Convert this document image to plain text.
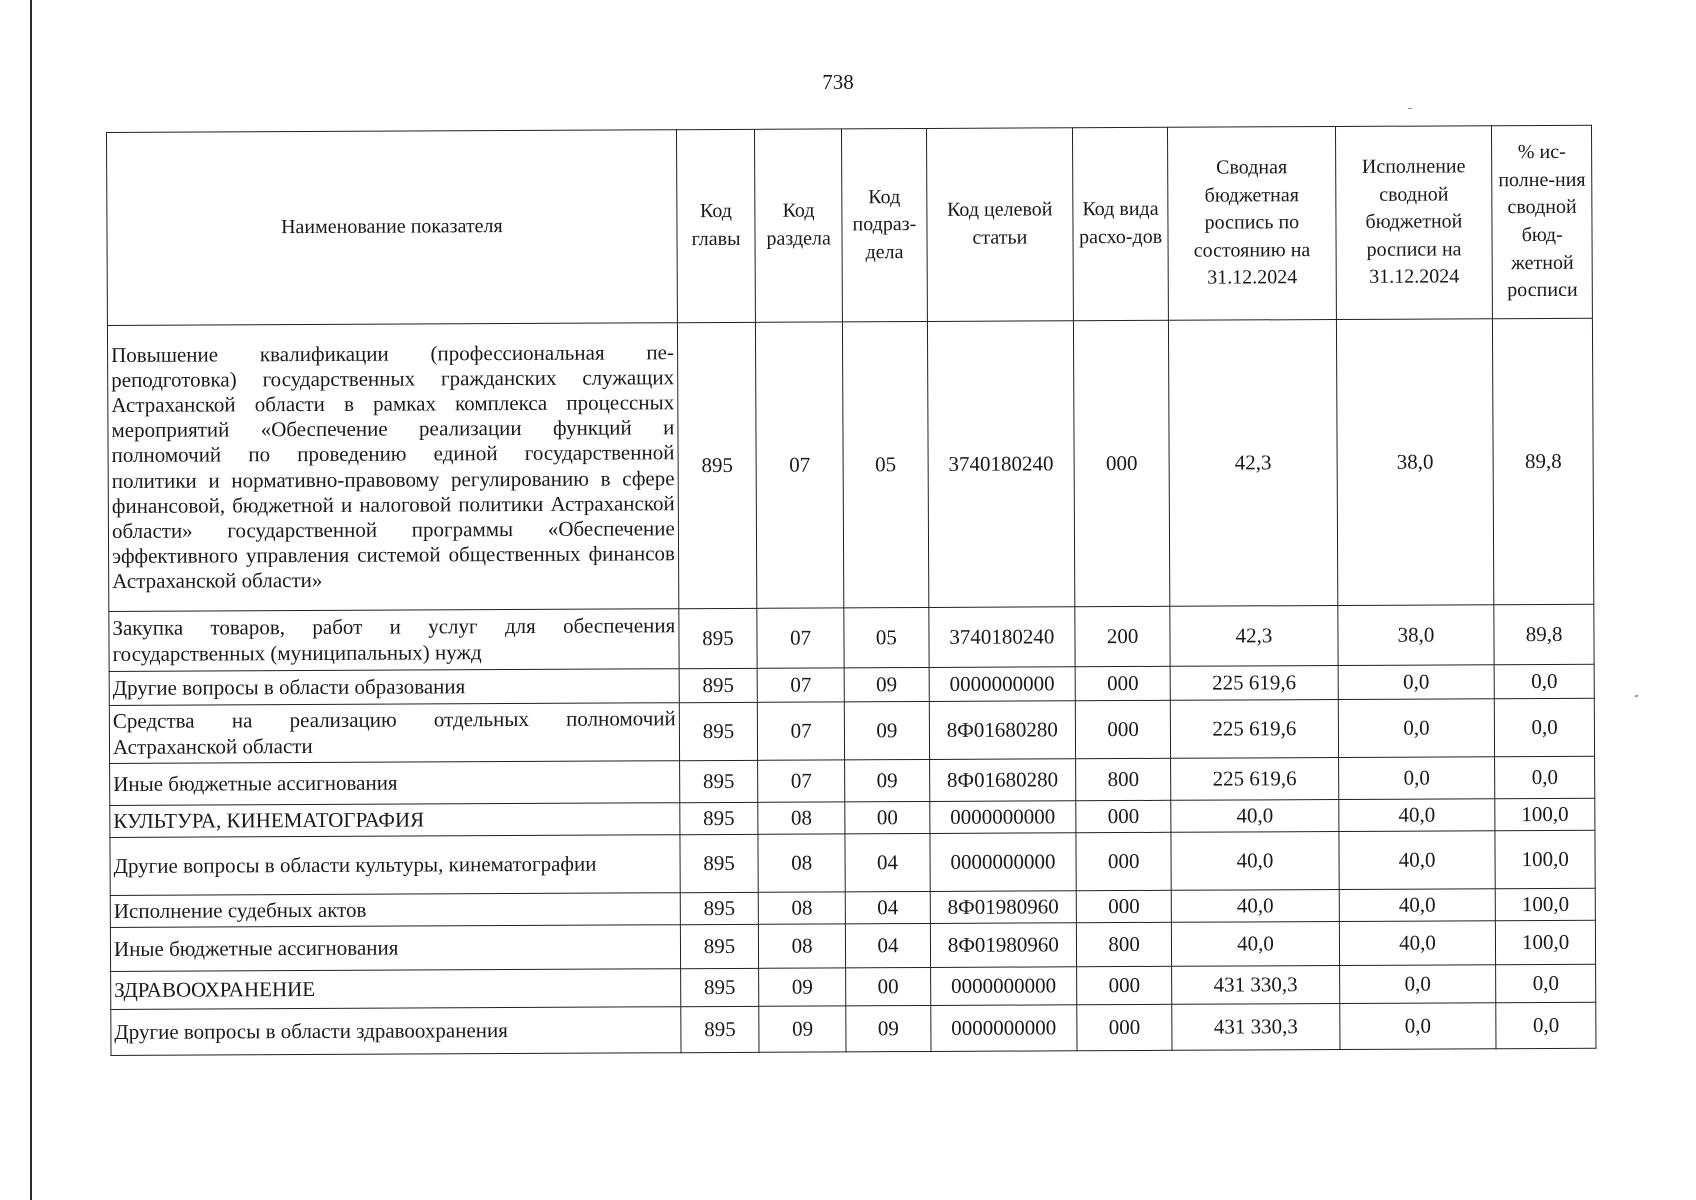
738
Наименование показателя	Код главы	Код раздела	Код подраз-дела	Код целевой статьи	Код вида расхо-дов	Сводная бюджетная роспись по состоянию на 31.12.2024	Исполнение сводной бюджетной росписи на 31.12.2024	% ис-полне-ния сводной бюд-жетной росписи
Повышение квалификации (профессиональная переподготовка) государственных гражданских служащих Астраханской области в рамках комплекса процессных мероприятий «Обеспечение реализации функций и полномочий по проведению единой государственной политики и нормативно-правовому регулированию в сфере финансовой, бюджетной и налоговой политики Астраханской области» государственной программы «Обеспечение эффективного управления системой общественных финансов Астраханской области»	895	07	05	3740180240	000	42,3	38,0	89,8
Закупка товаров, работ и услуг для обеспечения государственных (муниципальных) нужд	895	07	05	3740180240	200	42,3	38,0	89,8
Другие вопросы в области образования	895	07	09	0000000000	000	225 619,6	0,0	0,0
Средства на реализацию отдельных полномочий Астраханской области	895	07	09	8Ф01680280	000	225 619,6	0,0	0,0
Иные бюджетные ассигнования	895	07	09	8Ф01680280	800	225 619,6	0,0	0,0
КУЛЬТУРА, КИНЕМАТОГРАФИЯ	895	08	00	0000000000	000	40,0	40,0	100,0
Другие вопросы в области культуры, кинематографии	895	08	04	0000000000	000	40,0	40,0	100,0
Исполнение судебных актов	895	08	04	8Ф01980960	000	40,0	40,0	100,0
Иные бюджетные ассигнования	895	08	04	8Ф01980960	800	40,0	40,0	100,0
ЗДРАВООХРАНЕНИЕ	895	09	00	0000000000	000	431 330,3	0,0	0,0
Другие вопросы в области здравоохранения	895	09	09	0000000000	000	431 330,3	0,0	0,0
